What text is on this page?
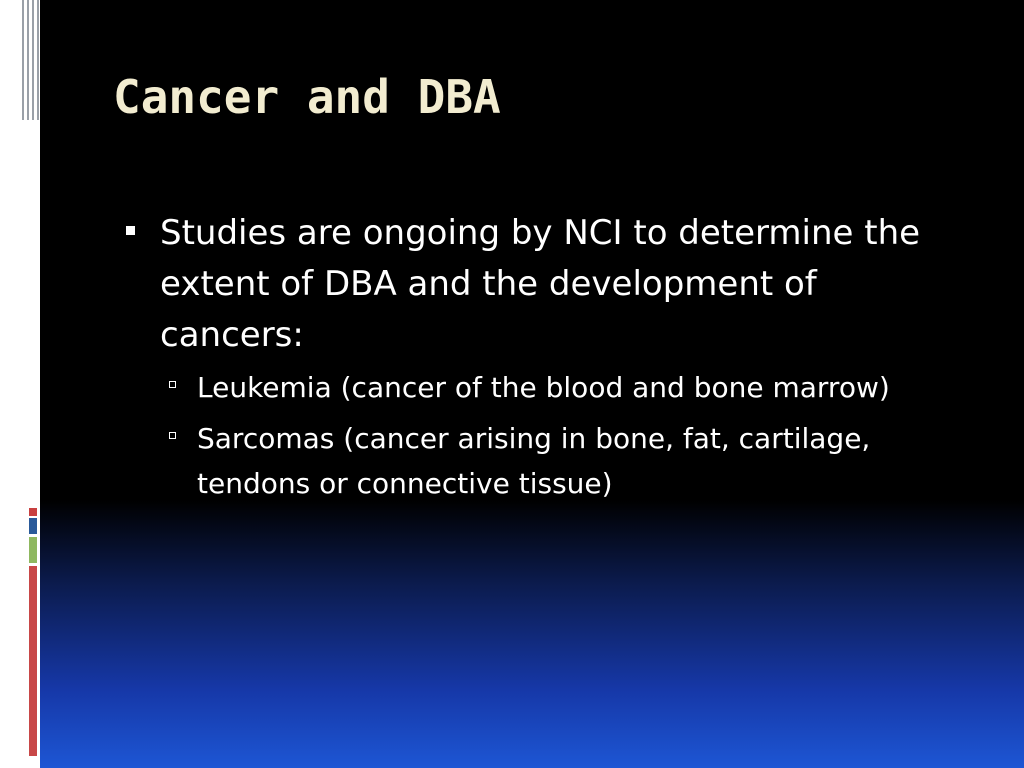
Cancer and DBA
Studies are ongoing by NCI to determine the extent of DBA and the development of cancers:
Leukemia (cancer of the blood and bone marrow)
Sarcomas (cancer arising in bone, fat, cartilage, tendons or connective tissue)
